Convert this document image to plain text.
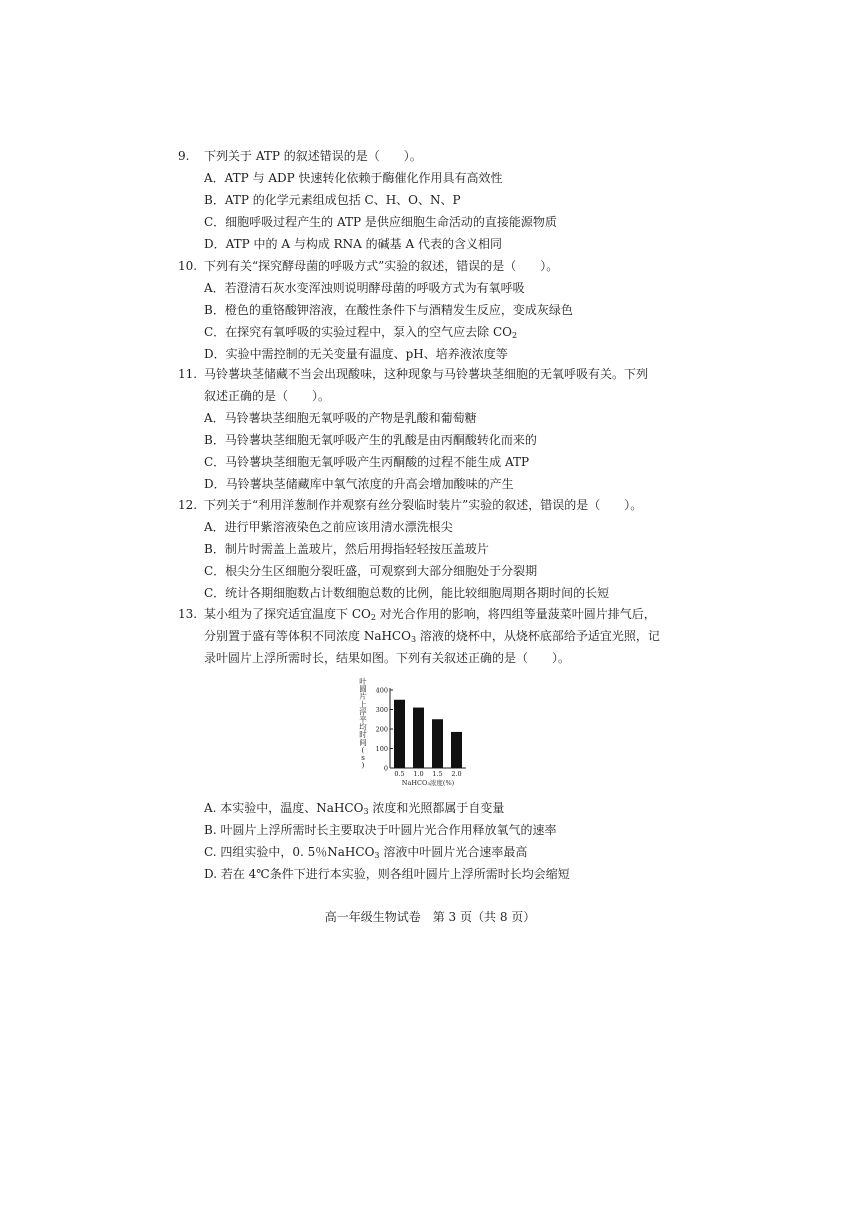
9. 下列关于 ATP 的叙述错误的是（　　）。
A．ATP 与 ADP 快速转化依赖于酶催化作用具有高效性
B．ATP 的化学元素组成包括 C、H、O、N、P
C．细胞呼吸过程产生的 ATP 是供应细胞生命活动的直接能源物质
D．ATP 中的 A 与构成 RNA 的碱基 A 代表的含义相同
10. 下列有关“探究酵母菌的呼吸方式”实验的叙述，错误的是（　　）。
A．若澄清石灰水变浑浊则说明酵母菌的呼吸方式为有氧呼吸
B．橙色的重铬酸钾溶液，在酸性条件下与酒精发生反应，变成灰绿色
C．在探究有氧呼吸的实验过程中，泵入的空气应去除 $CO_2$
D．实验中需控制的无关变量有温度、pH、培养液浓度等
11. 马铃薯块茎储藏不当会出现酸味，这种现象与马铃薯块茎细胞的无氧呼吸有关。下列
叙述正确的是（　　）。
A．马铃薯块茎细胞无氧呼吸的产物是乳酸和葡萄糖
B．马铃薯块茎细胞无氧呼吸产生的乳酸是由丙酮酸转化而来的
C．马铃薯块茎细胞无氧呼吸产生丙酮酸的过程不能生成 ATP
D．马铃薯块茎储藏库中氧气浓度的升高会增加酸味的产生
12. 下列关于“利用洋葱制作并观察有丝分裂临时装片”实验的叙述，错误的是（　　）。
A．进行甲紫溶液染色之前应该用清水漂洗根尖
B．制片时需盖上盖玻片，然后用拇指轻轻按压盖玻片
C．根尖分生区细胞分裂旺盛，可观察到大部分细胞处于分裂期
C．统计各期细胞数占计数细胞总数的比例，能比较细胞周期各期时间的长短
13. 某小组为了探究适宜温度下 $CO_2$ 对光合作用的影响，将四组等量菠菜叶圆片排气后，
分别置于盛有等体积不同浓度 NaHCO$_3$ 溶液的烧杯中，从烧杯底部给予适宜光照，记
录叶圆片上浮所需时长，结果如图。下列有关叙述正确的是（　　）。
0
100
200
300
400
0.5 1.0 1.5 2.0
NaHCO₃浓度(%)
叶圆片上浮平均时间( s )
A. 本实验中，温度、NaHCO$_3$ 浓度和光照都属于自变量
B. 叶圆片上浮所需时长主要取决于叶圆片光合作用释放氧气的速率
C. 四组实验中，0. 5％NaHCO$_3$ 溶液中叶圆片光合速率最高
D. 若在 4℃条件下进行本实验，则各组叶圆片上浮所需时长均会缩短
高一年级生物试卷　第 3 页（共 8 页）
